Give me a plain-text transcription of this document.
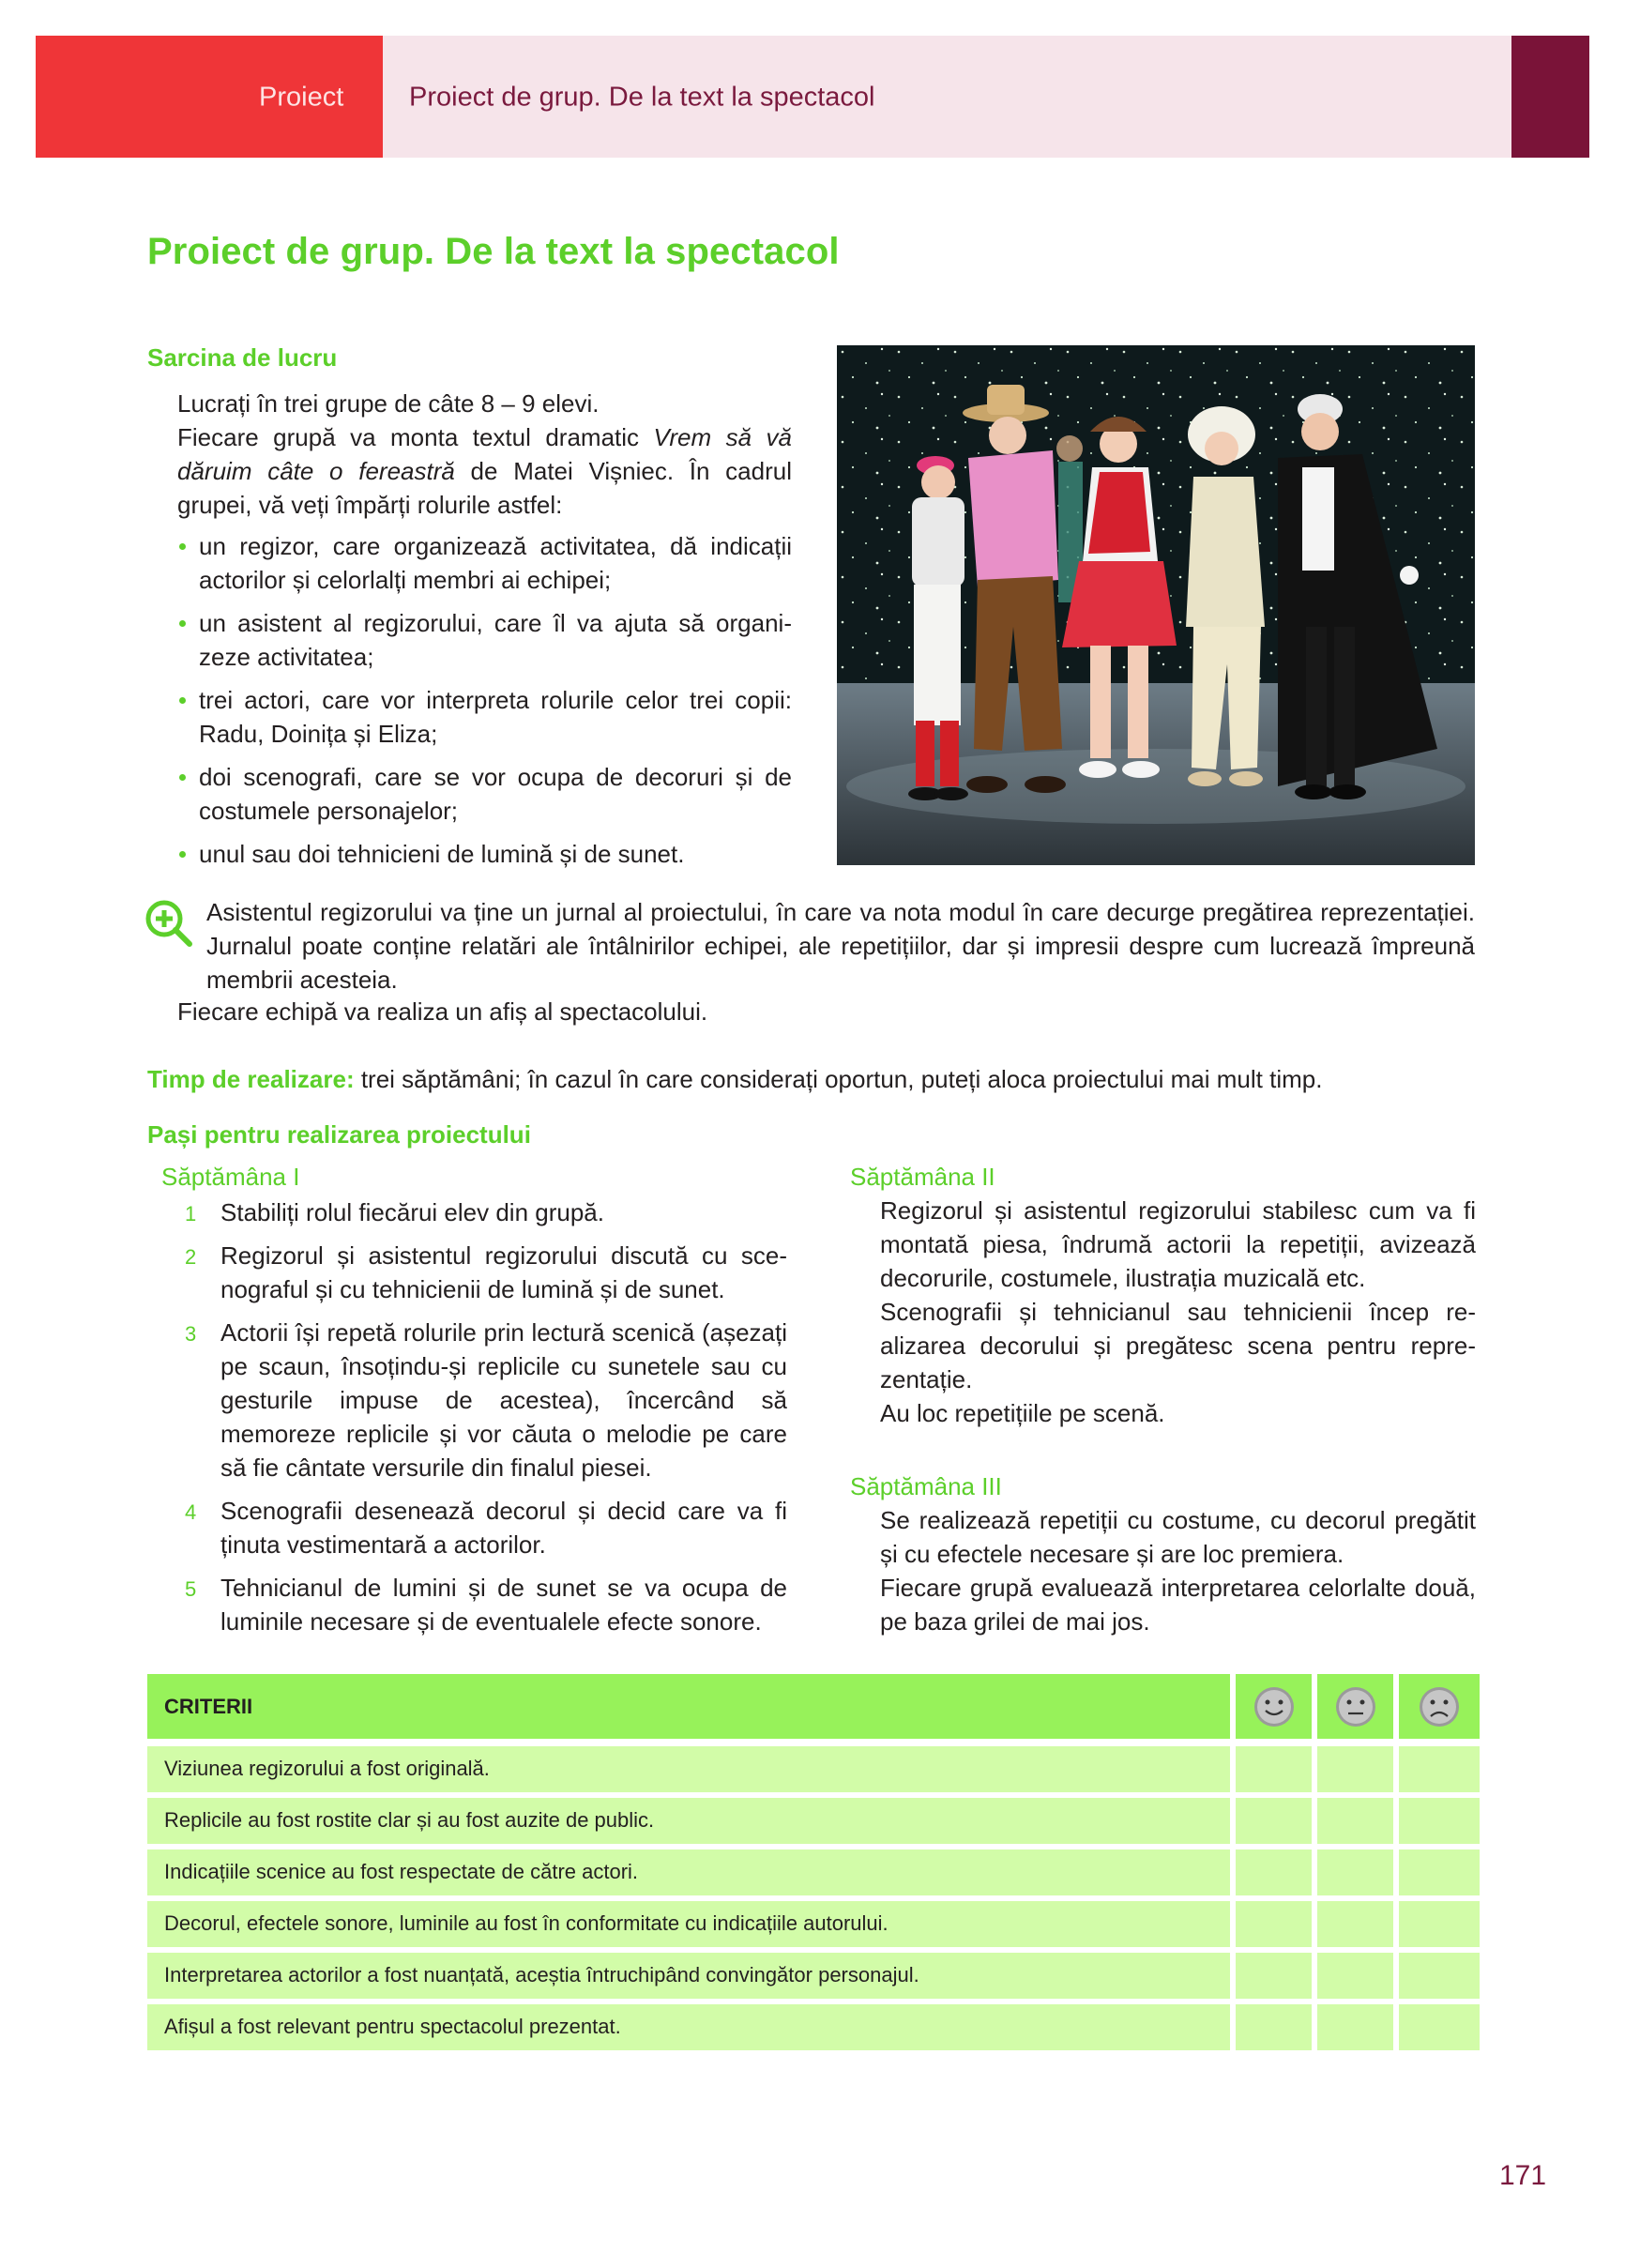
Proiect Proiect de grup. De la text la spectacol
Proiect de grup. De la text la spectacol
Sarcina de lucru
Lucrați în trei grupe de câte 8 – 9 elevi.
Fiecare grupă va monta textul dramatic Vrem să vă dăruim câte o fereastră de Matei Vișniec. În cadrul grupei, vă veți împărți rolurile astfel:
un regizor, care organizează activitatea, dă indicații actorilor și celorlalți membri ai echipei;
un asistent al regizorului, care îl va ajuta să organizeze activitatea;
trei actori, care vor interpreta rolurile celor trei copii: Radu, Doinița și Eliza;
doi scenografi, care se vor ocupa de decoruri și de costumele personajelor;
unul sau doi tehnicieni de lumină și de sunet.
Asistentul regizorului va ține un jurnal al proiectului, în care va nota modul în care decurge pregătirea reprezentației. Jurnalul poate conține relatări ale întâlnirilor echipei, ale repetițiilor, dar și impresii despre cum lucrează împreună membrii acesteia.
Fiecare echipă va realiza un afiș al spectacolului.
Timp de realizare: trei săptămâni; în cazul în care considerați oportun, puteți aloca proiectului mai mult timp.
Pași pentru realizarea proiectului
Săptămâna I
1 Stabiliți rolul fiecărui elev din grupă.
2 Regizorul și asistentul regizorului discută cu scenograful și cu tehnicienii de lumină și de sunet.
3 Actorii își repetă rolurile prin lectură scenică (așezați pe scaun, însoțindu-și replicile cu sunetele sau cu gesturile impuse de acestea), încercând să memoreze replicile și vor căuta o melodie pe care să fie cântate versurile din finalul piesei.
4 Scenografii desenează decorul și decid care va fi ținuta vestimentară a actorilor.
5 Tehnicianul de lumini și de sunet se va ocupa de luminile necesare și de eventualele efecte sonore.
Săptămâna II
Regizorul și asistentul regizorului stabilesc cum va fi montată piesa, îndrumă actorii la repetiții, avizează decorurile, costumele, ilustrația muzicală etc.
Scenografii și tehnicianul sau tehnicienii încep realizarea decorului și pregătesc scena pentru reprezentație.
Au loc repetițiile pe scenă.
Săptămâna III
Se realizează repetiții cu costume, cu decorul pregătit și cu efectele necesare și are loc premiera.
Fiecare grupă evaluează interpretarea celorlalte două, pe baza grilei de mai jos.
CRITERII
Viziunea regizorului a fost originală.
Replicile au fost rostite clar și au fost auzite de public.
Indicațiile scenice au fost respectate de către actori.
Decorul, efectele sonore, luminile au fost în conformitate cu indicațiile autorului.
Interpretarea actorilor a fost nuanțată, aceștia întruchipând convingător personajul.
Afișul a fost relevant pentru spectacolul prezentat.
171
